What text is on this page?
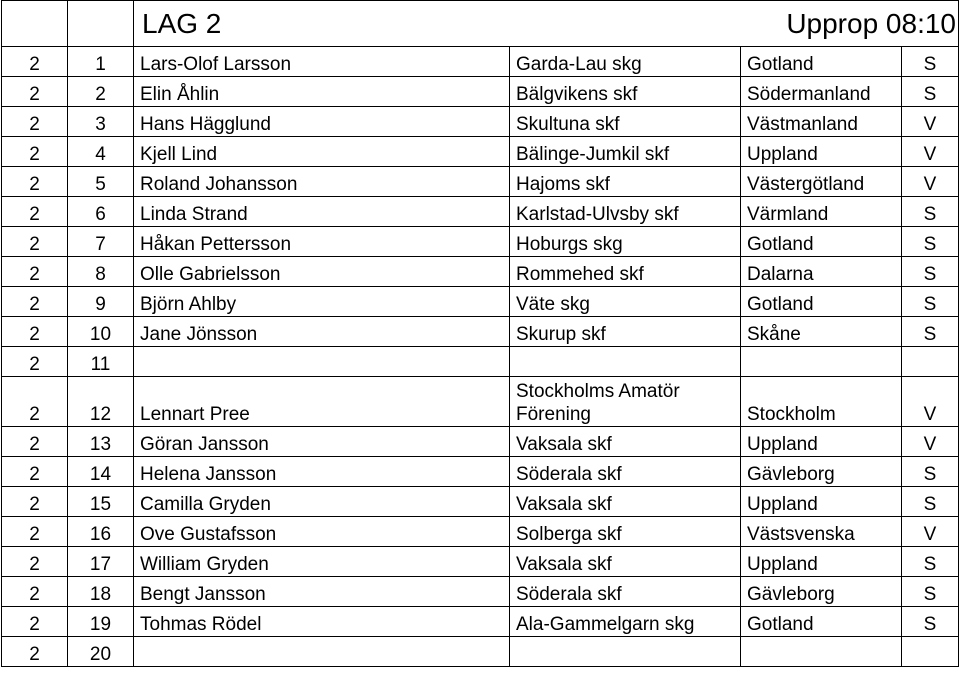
		LAG 2 Upprop 08:10			

2	1	Lars-Olof Larsson	Garda-Lau skg	Gotland	S
2	2	Elin Åhlin	Bälgvikens skf	Södermanland	S
2	3	Hans Hägglund	Skultuna skf	Västmanland	V
2	4	Kjell Lind	Bälinge-Jumkil skf	Uppland	V
2	5	Roland Johansson	Hajoms skf	Västergötland	V
2	6	Linda Strand	Karlstad-Ulvsby skf	Värmland	S
2	7	Håkan Pettersson	Hoburgs skg	Gotland	S
2	8	Olle Gabrielsson	Rommehed skf	Dalarna	S
2	9	Björn Ahlby	Väte skg	Gotland	S
2	10	Jane Jönsson	Skurup skf	Skåne	S
2	11				
2	12	Lennart Pree	Stockholms Amatör Förening	Stockholm	V
2	13	Göran Jansson	Vaksala skf	Uppland	V
2	14	Helena Jansson	Söderala skf	Gävleborg	S
2	15	Camilla Gryden	Vaksala skf	Uppland	S
2	16	Ove Gustafsson	Solberga skf	Västsvenska	V
2	17	William Gryden	Vaksala skf	Uppland	S
2	18	Bengt Jansson	Söderala skf	Gävleborg	S
2	19	Tohmas Rödel	Ala-Gammelgarn skg	Gotland	S
2	20				
